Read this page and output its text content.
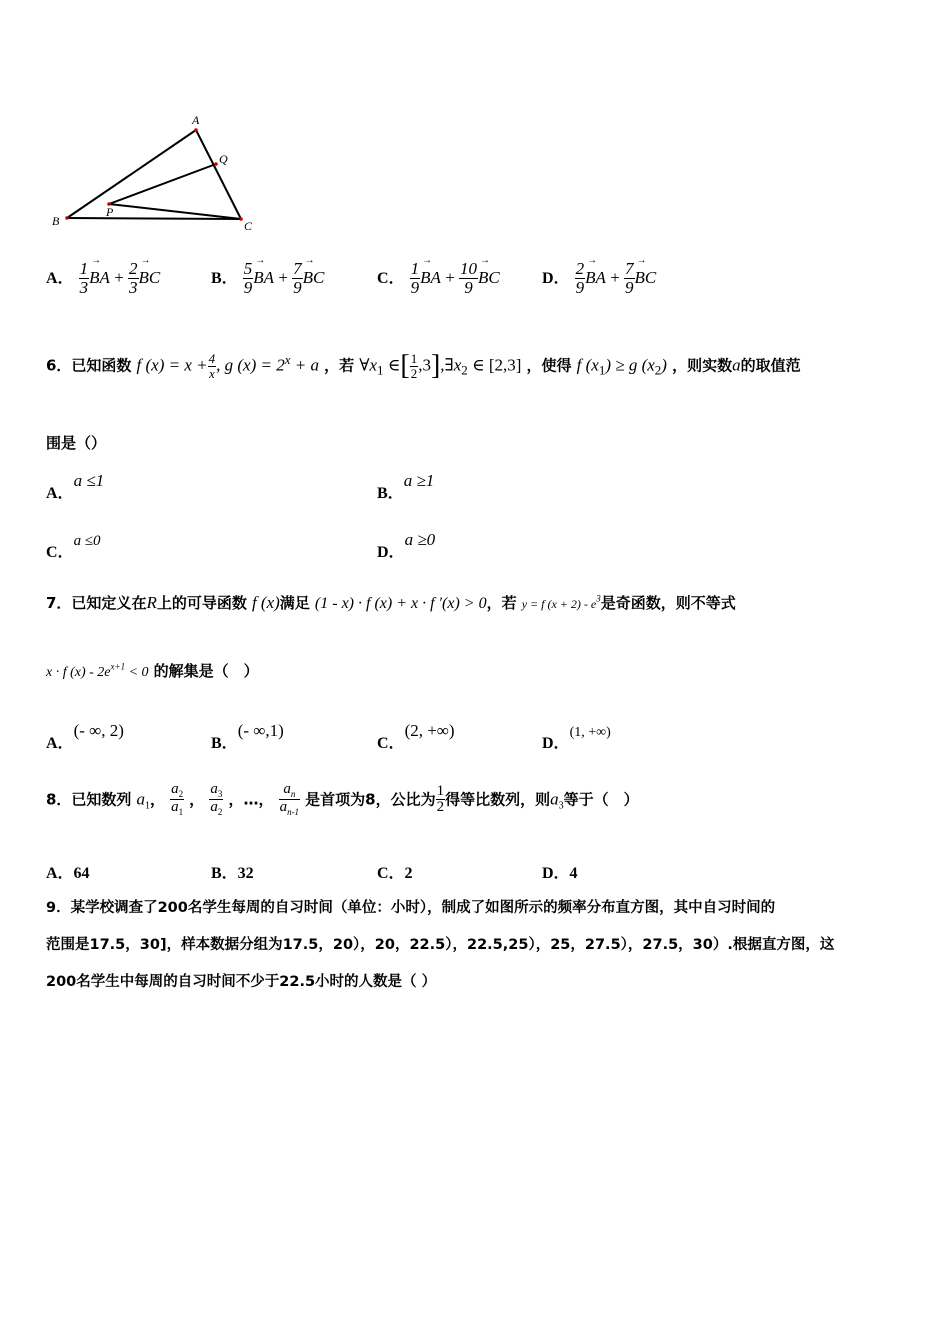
A
Q
B
P
C
A． $\frac{1}{3}$ → BA + $\frac{2}{3}$ → BC	B． $\frac{5}{9}$ → BA + $\frac{7}{9}$ → BC	C． $\frac{1}{9}$ → BA + $\frac{10}{9}$ → BC	D． $\frac{2}{9}$ → BA + $\frac{7}{9}$ → BC
6．已知函数 f $(x) = x + \frac{4}{x}$ , g $(x) = 2^x + a$ ，若 $\forall x_1$ ∈[ $\frac{1}{2}$ $,3],\exists x_2$ ∈ [2,3] ，使得 f $(x_1) \ge g$ $(x_2)$ ，则实数a的取值范
围是（）
A．a ≤1
B．a ≥1
C．a ≤0
D．a ≥0
7．已知定义在R上的可导函数 f (x)满足 (1 - x) · f (x) + x · f ′(x) > 0，若 y = f $(x + 2) - e^3$是奇函数，则不等式
x · f $(x) - 2e^{x+1} < 0$ 的解集是（　）
A．(- ∞, 2)
B．(- ∞,1)
C．(2, +∞)
D．(1, +∞)
8．已知数列 $a_1$， $\frac{a_2}{a_1}$ ， $\frac{a_3}{a_2}$ ，…， $\frac{a_n}{a_{n-1}}$ 是首项为8，公比为 $\frac{1}{2}$ 得等比数列，则$a_3$等于（　）
A．64	B．32	C．2	D．4
9．某学校调查了200名学生每周的自习时间（单位：小时），制成了如图所示的频率分布直方图，其中自习时间的
范围是17.5，30]，样本数据分组为17.5，20），20，22.5），22.5,25），25，27.5），27.5，30）.根据直方图，这
200名学生中每周的自习时间不少于22.5小时的人数是（ ）
